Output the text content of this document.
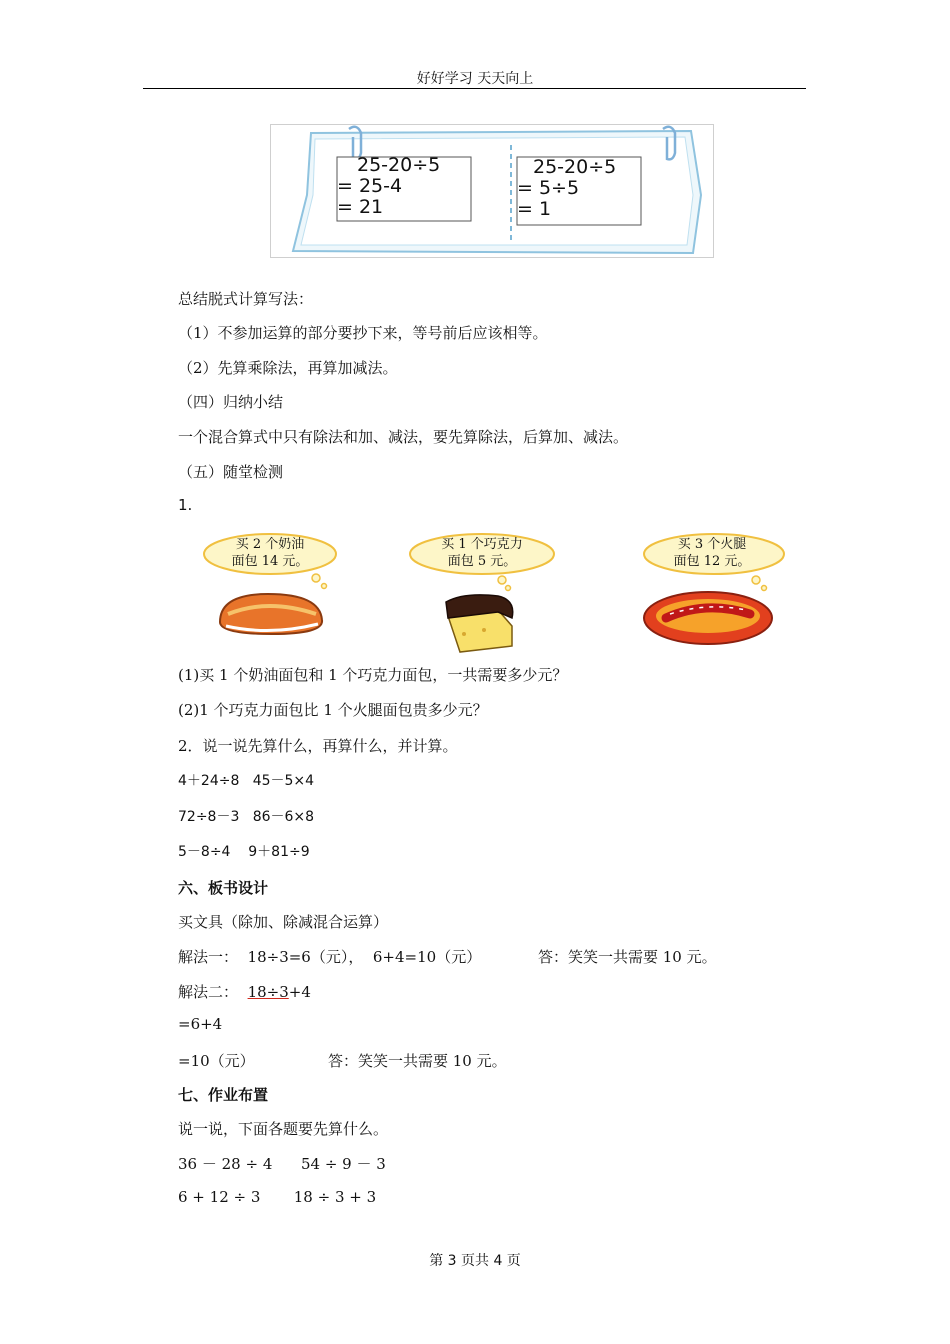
好好学习 天天向上
25-20÷5
= 25-4
= 21
25-20÷5
= 5÷5
= 1
总结脱式计算写法：
（1）不参加运算的部分要抄下来，等号前后应该相等。
（2）先算乘除法，再算加减法。
（四）归纳小结
一个混合算式中只有除法和加、减法，要先算除法，后算加、减法。
（五）随堂检测
1.
买 2 个奶油
面包 14 元。
买 1 个巧克力
面包 5 元。
买 3 个火腿
面包 12 元。
(1)买 1 个奶油面包和 1 个巧克力面包，一共需要多少元？
(2)1 个巧克力面包比 1 个火腿面包贵多少元？
2．说一说先算什么，再算什么，并计算。
4＋24÷8   45－5×4
72÷8－3   86－6×8
5－8÷4    9＋81÷9
六、板书设计
买文具（除加、除减混合运算）
解法一：  18÷3=6（元），  6+4=10（元）	答：笑笑一共需要 10 元。
解法二： 18÷3+4
=6+4
=10（元）	答：笑笑一共需要 10 元。
七、作业布置
说一说，下面各题要先算什么。
36 － 28 ÷ 4      54 ÷ 9 － 3
6 + 12 ÷ 3       18 ÷ 3 + 3
第 3 页共 4 页
